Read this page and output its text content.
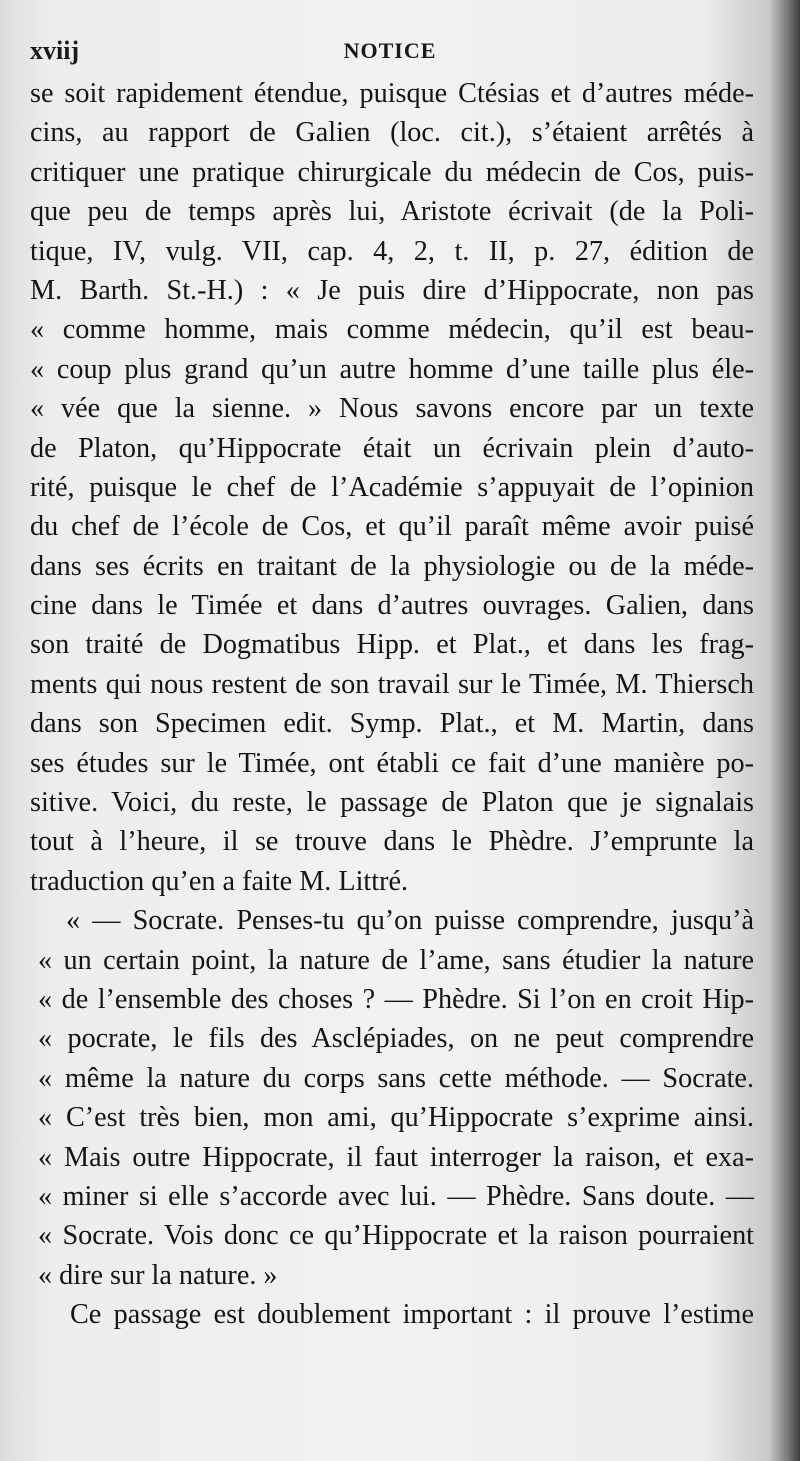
xviij	NOTICE
se soit rapidement étendue, puisque Ctésias et d’autres méde-
cins, au rapport de Galien (loc. cit.), s’étaient arrêtés à
critiquer une pratique chirurgicale du médecin de Cos, puis-
que peu de temps après lui, Aristote écrivait (de la Poli-
tique, IV, vulg. VII, cap. 4, 2, t. II, p. 27, édition de
M. Barth. St.-H.) : « Je puis dire d’Hippocrate, non pas
« comme homme, mais comme médecin, qu’il est beau-
« coup plus grand qu’un autre homme d’une taille plus éle-
« vée que la sienne. » Nous savons encore par un texte
de Platon, qu’Hippocrate était un écrivain plein d’auto-
rité, puisque le chef de l’Académie s’appuyait de l’opinion
du chef de l’école de Cos, et qu’il paraît même avoir puisé
dans ses écrits en traitant de la physiologie ou de la méde-
cine dans le Timée et dans d’autres ouvrages. Galien, dans
son traité de Dogmatibus Hipp. et Plat., et dans les frag-
ments qui nous restent de son travail sur le Timée, M. Thiersch
dans son Specimen edit. Symp. Plat., et M. Martin, dans
ses études sur le Timée, ont établi ce fait d’une manière po-
sitive. Voici, du reste, le passage de Platon que je signalais
tout à l’heure, il se trouve dans le Phèdre. J’emprunte la
traduction qu’en a faite M. Littré.
« — Socrate. Penses-tu qu’on puisse comprendre, jusqu’à
« un certain point, la nature de l’ame, sans étudier la nature
« de l’ensemble des choses ? — Phèdre. Si l’on en croit Hip-
« pocrate, le fils des Asclépiades, on ne peut comprendre
« même la nature du corps sans cette méthode. — Socrate.
« C’est très bien, mon ami, qu’Hippocrate s’exprime ainsi.
« Mais outre Hippocrate, il faut interroger la raison, et exa-
« miner si elle s’accorde avec lui. — Phèdre. Sans doute. —
« Socrate. Vois donc ce qu’Hippocrate et la raison pourraient
« dire sur la nature. »
Ce passage est doublement important : il prouve l’estime
